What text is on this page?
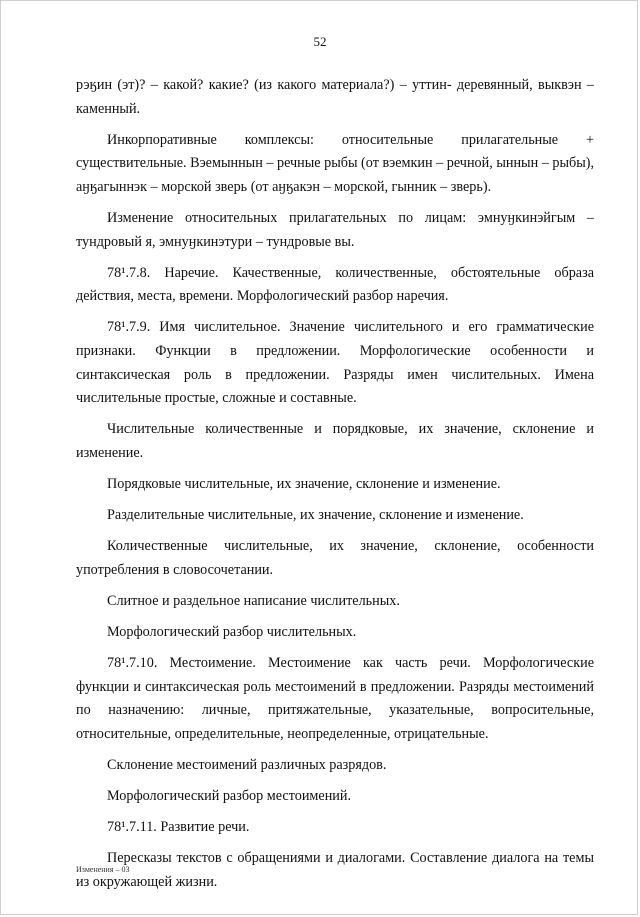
52

рэӄин (эт)? – какой? какие? (из какого материала?) – уттин- деревянный, выквэн – каменный.

Инкорпоративные комплексы: относительные прилагательные + существительные. Вэемыннын – речные рыбы (от вэемкин – речной, ыннын – рыбы), аӈӄагыннэк – морской зверь (от аӈӄакэн – морской, гынник – зверь).

Изменение относительных прилагательных по лицам: эмнуӈкинэйгым – тундровый я, эмнуӈкинэтури – тундровые вы.

78¹.7.8. Наречие. Качественные, количественные, обстоятельные образа действия, места, времени. Морфологический разбор наречия.

78¹.7.9. Имя числительное. Значение числительного и его грамматические признаки. Функции в предложении. Морфологические особенности и синтаксическая роль в предложении. Разряды имен числительных. Имена числительные простые, сложные и составные.

Числительные количественные и порядковые, их значение, склонение и изменение.

Порядковые числительные, их значение, склонение и изменение.

Разделительные числительные, их значение, склонение и изменение.

Количественные числительные, их значение, склонение, особенности употребления в словосочетании.

Слитное и раздельное написание числительных.

Морфологический разбор числительных.

78¹.7.10. Местоимение. Местоимение как часть речи. Морфологические функции и синтаксическая роль местоимений в предложении. Разряды местоимений по назначению: личные, притяжательные, указательные, вопросительные, относительные, определительные, неопределенные, отрицательные.

Склонение местоимений различных разрядов.

Морфологический разбор местоимений.

78¹.7.11. Развитие речи.

Пересказы текстов с обращениями и диалогами. Составление диалога на темы из окружающей жизни.

Изменения – 03
